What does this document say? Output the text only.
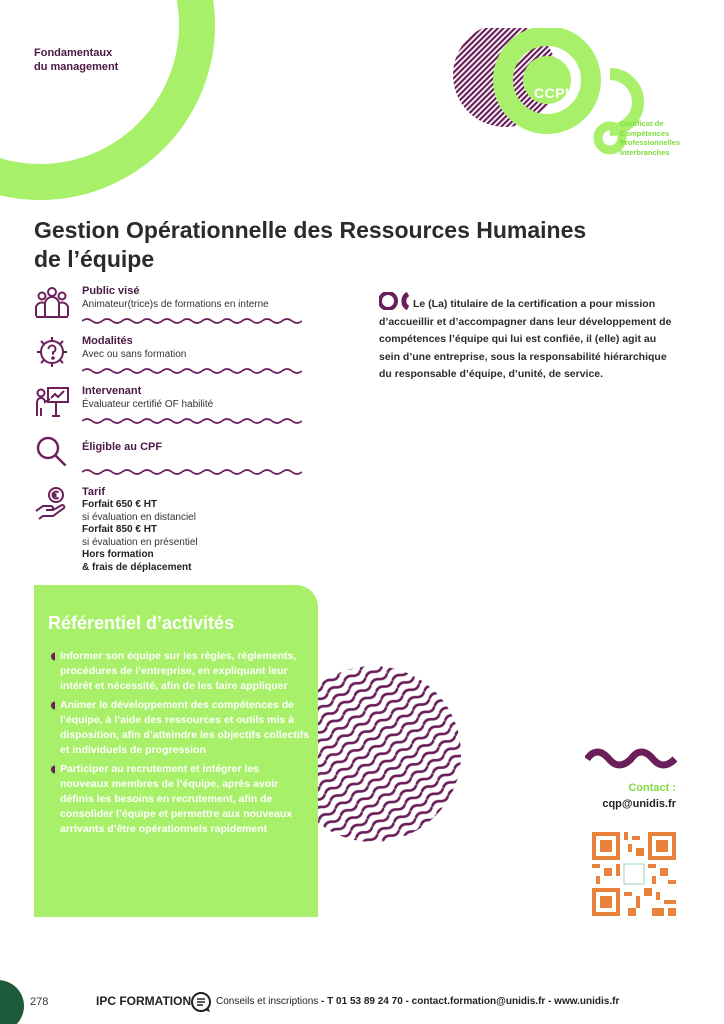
Famille
Fondamentaux
du management
CCPI
Certificat de
Compétences
Professionnelles
Interbranches
Gestion Opérationnelle des Ressources Humaines
de l’équipe
Public visé
Animateur(trice)s de formations en interne
Modalités
Avec ou sans formation
Intervenant
Évaluateur certifié OF habilité
Éligible au CPF
Tarif
Forfait 650 € HT
si évaluation en distanciel
Forfait 850 € HT
si évaluation en présentiel
Hors formation
& frais de déplacement
Le (La) titulaire de la certification a pour mission d’accueillir et d’accompagner dans leur développement de compétences l’équipe qui lui est confiée, il (elle) agit au sein d’une entreprise, sous la responsabilité hiérarchique du responsable d’équipe, d’unité, de service.
Référentiel d’activités
Informer son équipe sur les règles, règlements, procédures de l’entreprise, en expliquant leur intérêt et nécessité, afin de les faire appliquer
Animer le développement des compétences de l’équipe, à l’aide des ressources et outils mis à disposition, afin d’atteindre les objectifs collectifs et individuels de progression
Participer au recrutement et intégrer les nouveaux membres de l’équipe, après avoir définis les besoins en recrutement, afin de consolider l’équipe et permettre aux nouveaux arrivants d’être opérationnels rapidement
Contact :
cqp@unidis.fr
278	IPC FORMATION Conseils et inscriptions - T 01 53 89 24 70 - contact.formation@unidis.fr - www.unidis.fr
